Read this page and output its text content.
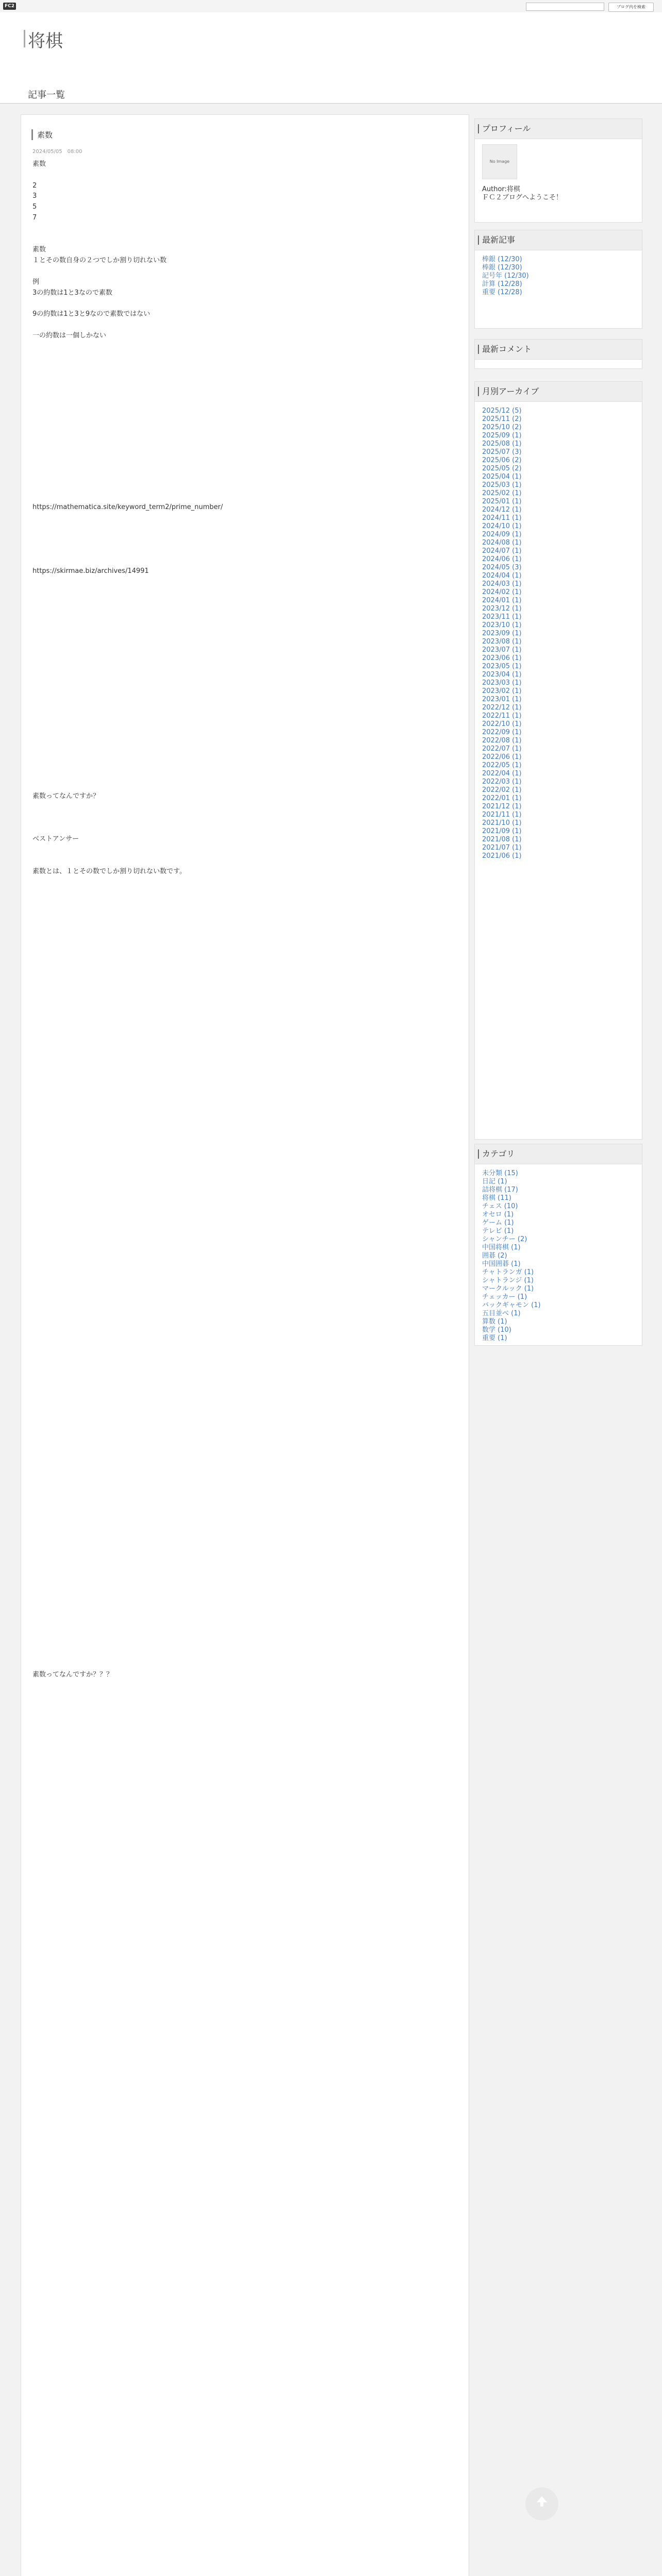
FC2	ブログ内を検索
将棋
記事一覧
素数
2024/05/05　08:00
素数

2
3
5
7

素数
１とその数自身の２つでしか割り切れない数

例
3の約数は1と3なので素数

9の約数は1と3と9なので素数ではない

一の約数は一個しかない

https://mathematica.site/keyword_term2/prime_number/

https://skirmae.biz/archives/14991

素数ってなんですか？

ベストアンサー

素数とは、１とその数でしか割り切れない数です。

素数ってなんですか？？？

プロフィール
No Image
Author:将棋
ＦＣ２ブログへようこそ！
最新記事
棒銀 (12/30)
棒銀 (12/30)
記号年 (12/30)
計算 (12/28)
重要 (12/28)
最新コメント
月別アーカイブ
2025/12 (5)
2025/11 (2)
2025/10 (2)
2025/09 (1)
2025/08 (1)
2025/07 (3)
2025/06 (2)
2025/05 (2)
2025/04 (1)
2025/03 (1)
2025/02 (1)
2025/01 (1)
2024/12 (1)
2024/11 (1)
2024/10 (1)
2024/09 (1)
2024/08 (1)
2024/07 (1)
2024/06 (1)
2024/05 (3)
2024/04 (1)
2024/03 (1)
2024/02 (1)
2024/01 (1)
2023/12 (1)
2023/11 (1)
2023/10 (1)
2023/09 (1)
2023/08 (1)
2023/07 (1)
2023/06 (1)
2023/05 (1)
2023/04 (1)
2023/03 (1)
2023/02 (1)
2023/01 (1)
2022/12 (1)
2022/11 (1)
2022/10 (1)
2022/09 (1)
2022/08 (1)
2022/07 (1)
2022/06 (1)
2022/05 (1)
2022/04 (1)
2022/03 (1)
2022/02 (1)
2022/01 (1)
2021/12 (1)
2021/11 (1)
2021/10 (1)
2021/09 (1)
2021/08 (1)
2021/07 (1)
2021/06 (1)
カテゴリ
未分類 (15)
日記 (1)
詰将棋 (17)
将棋 (11)
チェス (10)
オセロ (1)
ゲーム (1)
テレビ (1)
シャンチー (2)
中国将棋 (1)
囲碁 (2)
中国囲碁 (1)
チャトランガ (1)
シャトランジ (1)
マークルック (1)
チェッカー (1)
バックギャモン (1)
五目並べ (1)
算数 (1)
数学 (10)
重要 (1)
